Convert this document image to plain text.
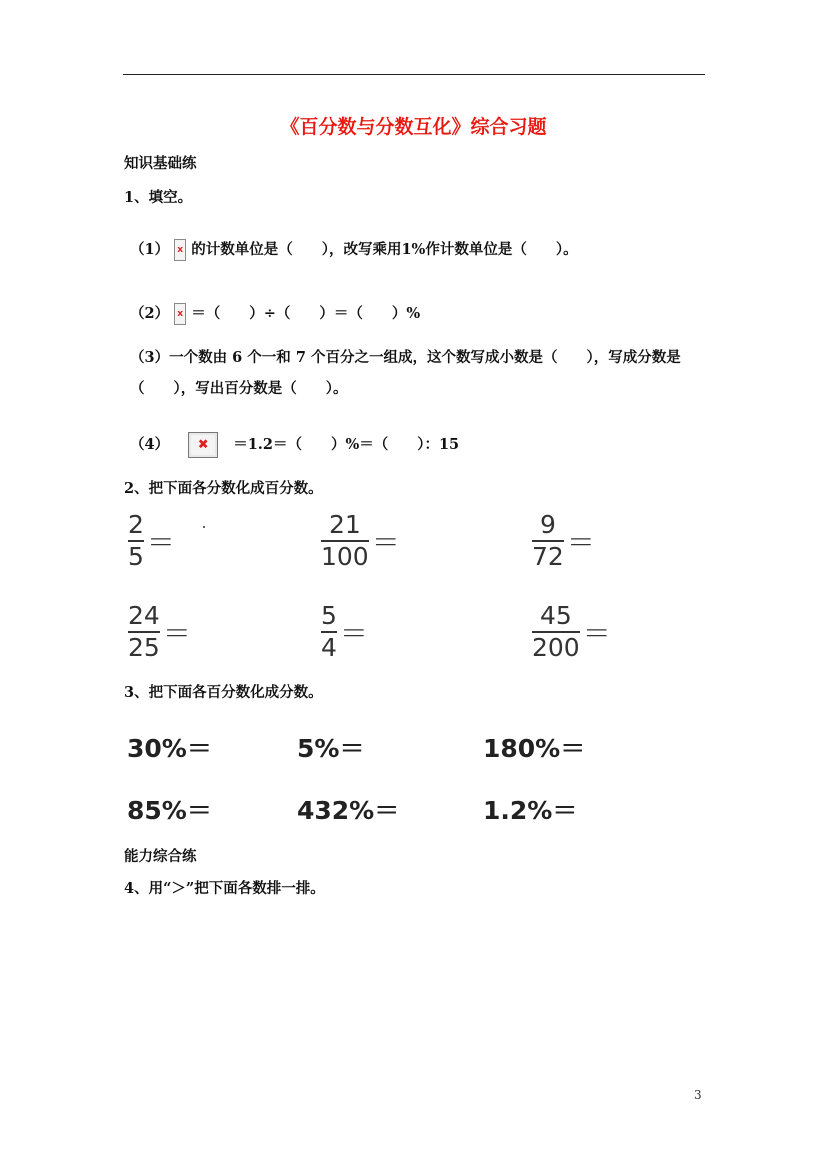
《百分数与分数互化》综合习题
知识基础练
1、填空。
（1） x 的计数单位是（　　），改写乘用1%作计数单位是（　　）。
（2） x ＝（　　）÷（　　）＝（　　）%
（3）一个数由 6 个一和 7 个百分之一组成，这个数写成小数是（　　），写成分数是
（　　），写出百分数是（　　）。
（4）	✖	＝1.2＝（　　）%＝（　　）：15
2、把下面各分数化成百分数。
$\frac{2}{5}$ ＝	$\frac{21}{100}$ ＝	$\frac{9}{72}$ ＝
$\frac{24}{25}$ ＝	$\frac{5}{4}$ ＝	$\frac{45}{200}$ ＝
3、把下面各百分数化成分数。
30%＝	5%＝	180%＝
85%＝	432%＝	1.2%＝
能力综合练
4、用“＞”把下面各数排一排。
3
